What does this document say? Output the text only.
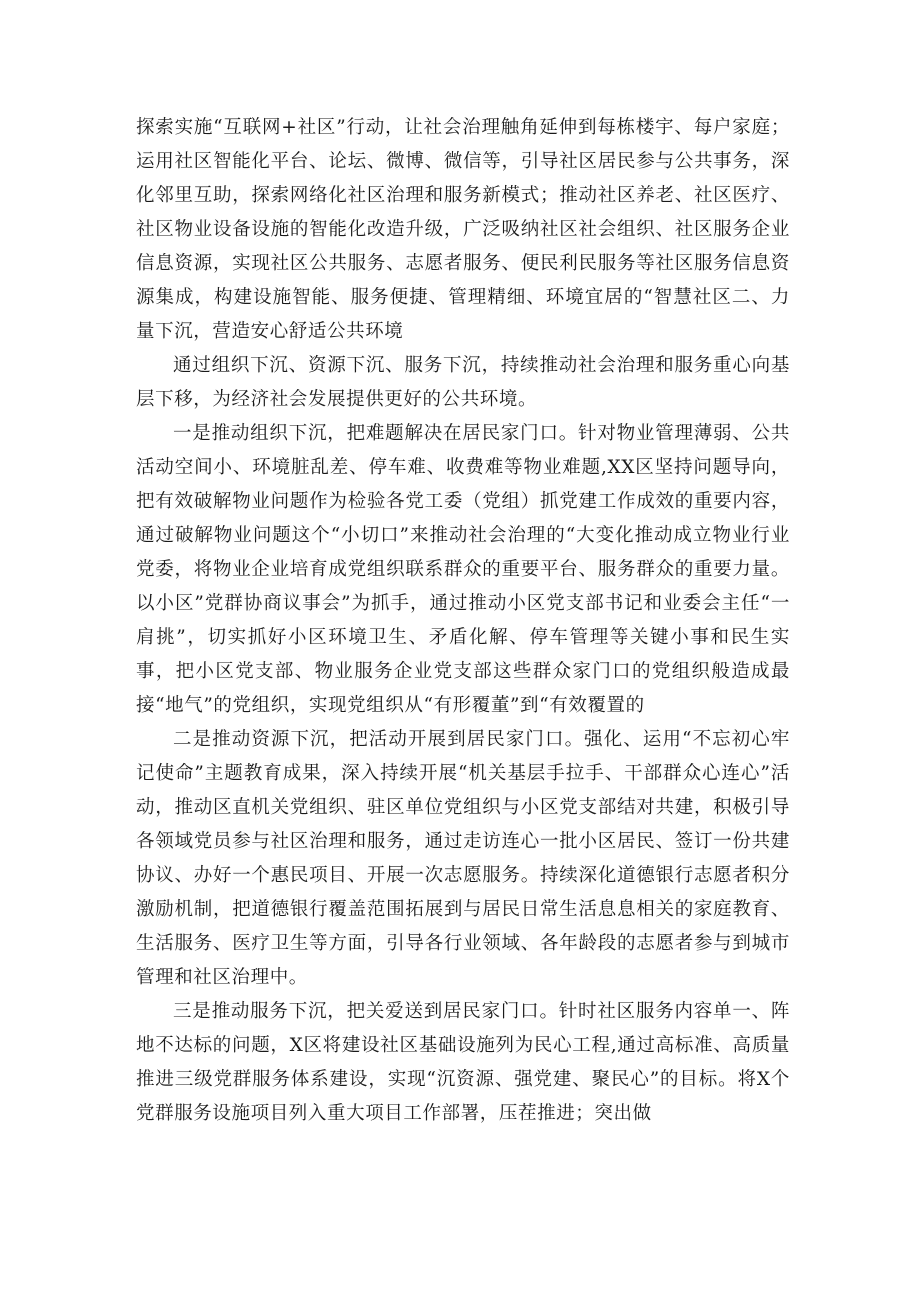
探索实施“互联网+社区”行动，让社会治理触角延伸到每栋楼宇、每户家庭；运用社区智能化平台、论坛、微博、微信等，引导社区居民参与公共事务，深化邻里互助，探索网络化社区治理和服务新模式；推动社区养老、社区医疗、社区物业设备设施的智能化改造升级，广泛吸纳社区社会组织、社区服务企业信息资源，实现社区公共服务、志愿者服务、便民利民服务等社区服务信息资源集成，构建设施智能、服务便捷、管理精细、环境宜居的“智慧社区二、力量下沉，营造安心舒适公共环境

通过组织下沉、资源下沉、服务下沉，持续推动社会治理和服务重心向基层下移，为经济社会发展提供更好的公共环境。

一是推动组织下沉，把难题解决在居民家门口。针对物业管理薄弱、公共活动空间小、环境脏乱差、停车难、收费难等物业难题,XX区坚持问题导向，把有效破解物业问题作为检验各党工委（党组）抓党建工作成效的重要内容，通过破解物业问题这个“小切口”来推动社会治理的“大变化推动成立物业行业党委，将物业企业培育成党组织联系群众的重要平台、服务群众的重要力量。以小区”党群协商议事会”为抓手，通过推动小区党支部书记和业委会主任“一肩挑”，切实抓好小区环境卫生、矛盾化解、停车管理等关键小事和民生实事，把小区党支部、物业服务企业党支部这些群众家门口的党组织般造成最接“地气”的党组织，实现党组织从“有形覆董”到“有效覆置的

二是推动资源下沉，把活动开展到居民家门口。强化、运用“不忘初心牢记使命”主题教育成果，深入持续开展“机关基层手拉手、干部群众心连心”活动，推动区直机关党组织、驻区单位党组织与小区党支部结对共建，积极引导各领域党员参与社区治理和服务，通过走访连心一批小区居民、签订一份共建协议、办好一个惠民项目、开展一次志愿服务。持续深化道德银行志愿者积分激励机制，把道德银行覆盖范围拓展到与居民日常生活息息相关的家庭教育、生活服务、医疗卫生等方面，引导各行业领域、各年龄段的志愿者参与到城市管理和社区治理中。

三是推动服务下沉，把关爱送到居民家门口。针时社区服务内容单一、阵地不达标的问题，X区将建设社区基础设施列为民心工程,通过高标准、高质量推进三级党群服务体系建设，实现“沉资源、强党建、聚民心”的目标。将X个党群服务设施项目列入重大项目工作部署，压茬推进；突出做
